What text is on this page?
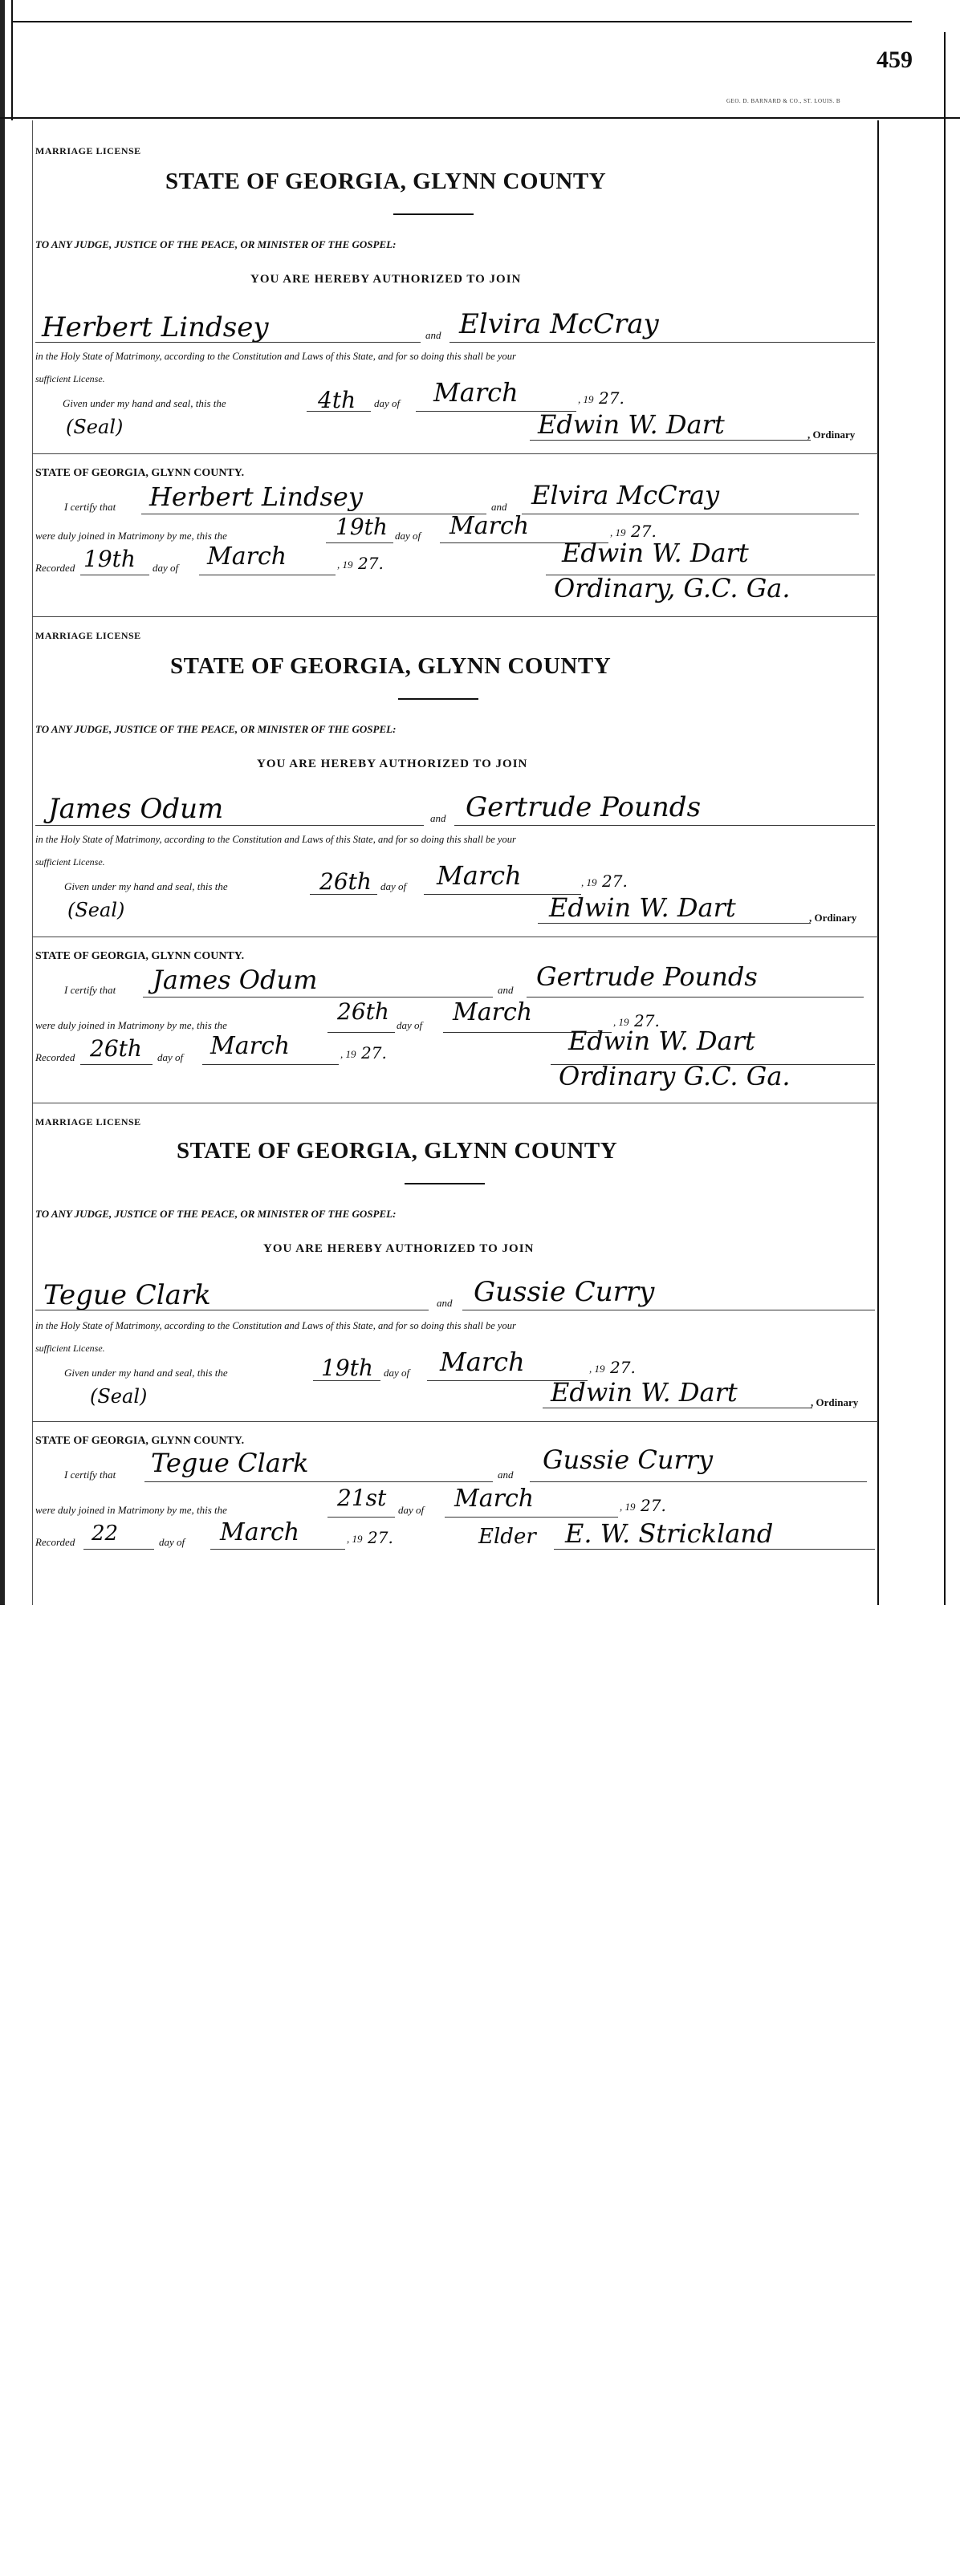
459
GEO. D. BARNARD & CO., ST. LOUIS. B
MARRIAGE LICENSE
STATE OF GEORGIA, GLYNN COUNTY
TO ANY JUDGE, JUSTICE OF THE PEACE, OR MINISTER OF THE GOSPEL:
YOU ARE HEREBY AUTHORIZED TO JOIN
Herbert Lindsey	and Elvira McCray
in the Holy State of Matrimony, according to the Constitution and Laws of this State, and for so doing this shall be your
sufficient License.
Given under my hand and seal, this the	4th day of March	, 19 27.
(Seal)	Edwin W. Dart	, Ordinary
STATE OF GEORGIA, GLYNN COUNTY.
I certify that Herbert Lindsey	and Elvira McCray
were duly joined in Matrimony by me, this the	19th day of March	, 19 27.
Recorded 19th day of March	, 19 27.	Edwin W. Dart
Ordinary, G.C. Ga.
MARRIAGE LICENSE
STATE OF GEORGIA, GLYNN COUNTY
TO ANY JUDGE, JUSTICE OF THE PEACE, OR MINISTER OF THE GOSPEL:
YOU ARE HEREBY AUTHORIZED TO JOIN
James Odum	and Gertrude Pounds
in the Holy State of Matrimony, according to the Constitution and Laws of this State, and for so doing this shall be your
sufficient License.
Given under my hand and seal, this the	26th day of March	, 19 27.
(Seal)	Edwin W. Dart	, Ordinary
STATE OF GEORGIA, GLYNN COUNTY.
I certify that James Odum	and Gertrude Pounds
were duly joined in Matrimony by me, this the
26th
day of March	, 19 27.
Recorded 26th day of March	, 19 27.	Edwin W. Dart
Ordinary G.C. Ga.
MARRIAGE LICENSE
STATE OF GEORGIA, GLYNN COUNTY
TO ANY JUDGE, JUSTICE OF THE PEACE, OR MINISTER OF THE GOSPEL:
YOU ARE HEREBY AUTHORIZED TO JOIN
Tegue Clark	and Gussie Curry
in the Holy State of Matrimony, according to the Constitution and Laws of this State, and for so doing this shall be your
sufficient License.
Given under my hand and seal, this the	19th day of March	, 19 27.
(Seal)	Edwin W. Dart	, Ordinary
STATE OF GEORGIA, GLYNN COUNTY.
I certify that Tegue Clark	and Gussie Curry
were duly joined in Matrimony by me, this the	21st day of March	, 19 27.
Recorded 22	day of March	, 19 27.	Elder E. W. Strickland
